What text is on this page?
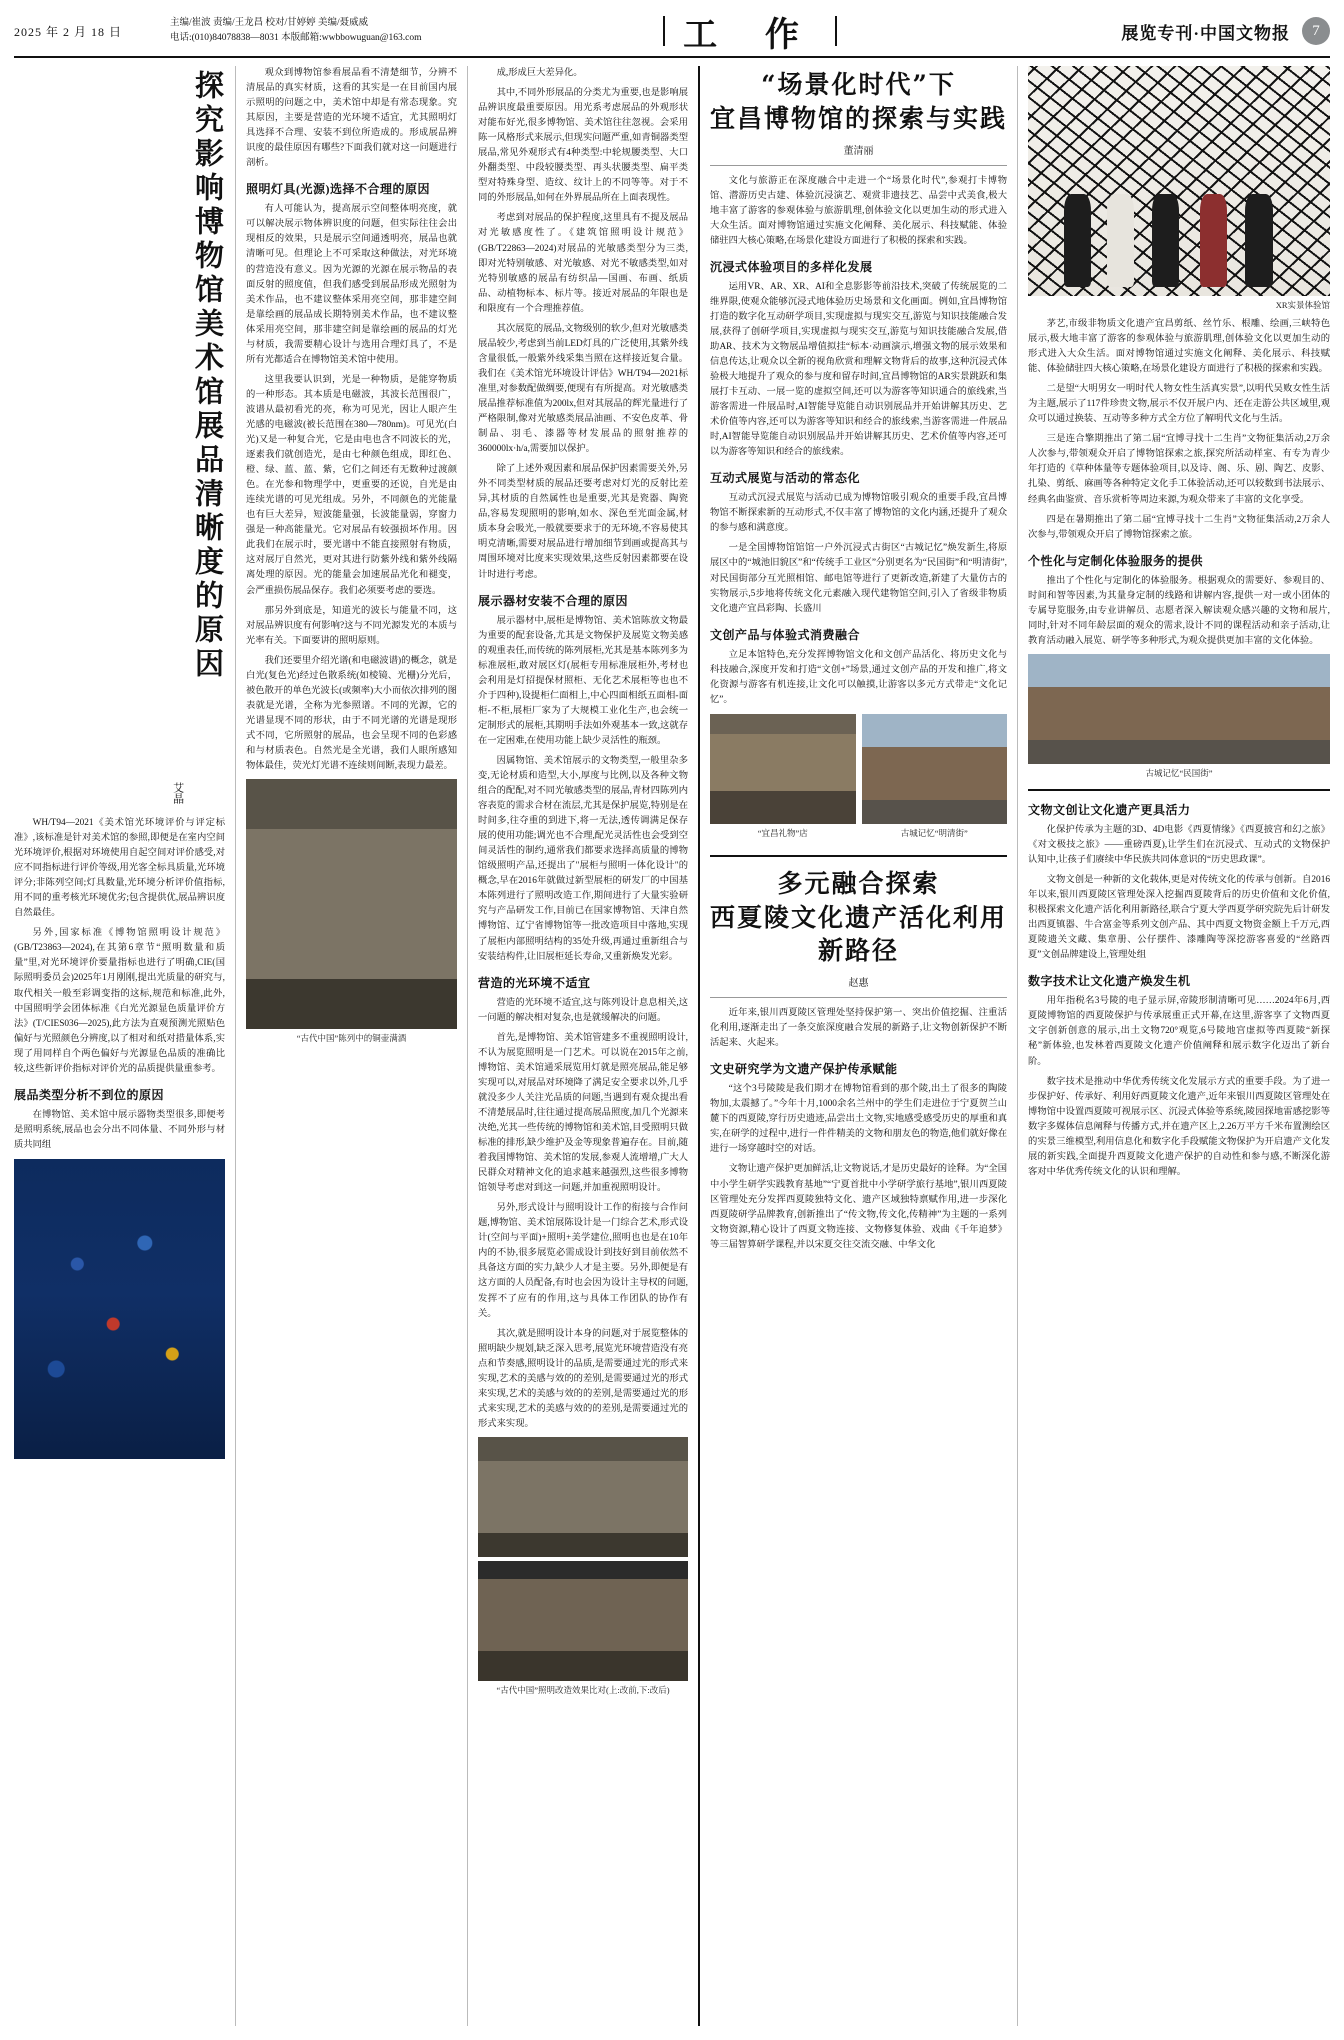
2025 年 2 月 18 日
主编/崔波 责编/王龙昌 校对/甘婷婷 美编/聂威威
电话:(010)84078838—8031 本版邮箱:wwbbowuguan@163.com	工 作	展览专刊·中国文物报	7
探究影响博物馆美术馆展品清晰度的原因
艾晶

WH/T94—2021《美术馆光环境评价与评定标准》,该标准是针对美术馆的参照,即便是在室内空间光环境评价,根据对环境使用自起空间对评价感受,对应不同指标进行评价等级,用光客全标具质量,光环境评分;非陈列空间;灯具数量,光环境分析评价值指标,用不同的重考核光环境优劣;包含提供优,展品辨识度自然最佳。

另外,国家标准《博物馆照明设计规范》(GB/T23863—2024),在其第6章节“照明数量和质量”里,对光环境评价要量指标也进行了明确,CIE(国际照明委员会)2025年1月刚刚,提出光质量的研究与,取代相关一般至彩调变指的这标,规范和标准,此外,中国照明学会团体标准《白光光源显色质量评价方法》(T/CIES036—2025),此方法为直观预测光照贴色偏好与光照颜色分辨度,以了相对和纸对措量体系,实现了用同样自个两色偏好与光源显色品质的准确比较,这些新评价指标对评价光的品质提供量重参考。

展品类型分析不到位的原因

在博物馆、美术馆中展示器物类型很多,即便考是照明系统,展品也会分出不同体量、不同外形与材质共同组

观众到博物馆参看展品看不清楚细节，分辨不清展品的真实材质，这看的其实是一在目前国内展示照明的问题之中，美术馆中却是有常态现象。究其原因，主要是营造的光环境不适宜，尤其照明灯具选择不合理、安装不到位所造成的。形成展品辨识度的最佳原因有哪些?下面我们就对这一问题进行剖析。

照明灯具(光源)选择不合理的原因

有人可能认为，提高展示空间整体明亮度，就可以解决展示物体辨识度的问题，但实际往往会出现相反的效果，只是展示空间通透明亮，展品也就清晰可见。但理论上不可采取这种做法，对光环境的营造没有意义。因为光源的光源在展示物品的表面反射的照度值，但我们感受到展品形成光照射为美术作品，也不建议整体采用亮空间，那非建空间是靠绘画的展品成长期特别美术作品，也不建议整体采用亮空间，那非建空间是靠绘画的展品的灯光与材质，我需要精心设计与选用合理灯具了，不是所有光都适合在博物馆美术馆中使用。

这里我要认识到，光是一种物质，是能穿物质的一种形态。其本质是电磁波，其波长范围很广，波谱从最初看光的亮，称为可见光，因让人眼产生光感的电磁波(被长范围在380—780nm)。可见光(白光)又是一种复合光，它是由电也含不同波长的光，逐素我们就创造光，是由七种颜色组成，即红色、橙、绿、蓝、蓝、紫，它们之间还有无数种过渡颜色。在光参和物理学中，更重要的还说，自光是由连续光谱的可见光组成。另外，不同颜色的光能量也有巨大差异，短波能量强，长波能量弱，穿窗力强是一种高能量光。它对展品有较强损坏作用。因此我们在展示时，要光谱中不能直接照射有物质，这对展厅自然光，更对其进行防紫外线和紫外线隔离处理的原因。光的能量会加速展品光化和褪变，会严重损伤展品保存。我们必须要考虑的要选。

那另外到底是，知道光的波长与能量不同，这对展品辨识度有何影响?这与不同光源发光的本质与光率有关。下面要讲的照明原则。

我们还要里介绍光谱(和电磁波谱)的概念，就是白光(复色光)经过色散系统(如棱镜、光栅)分光后，被色散开的单色光波长(或频率)大小而依次排列的图表就是光谱，全称为光参照谱。不同的光源，它的光谱显现不同的形状，由于不同光谱的光谱是现形式不同，它所照射的展品，也会呈现不同的色彩感和与材质表色。自然光是全光谱，我们人眼所感知物体最佳，荧光灯光谱不连续则间断,表现力最差。

“古代中国”陈列中的铜壶满酒

成,形成巨大差异化。

其中,不同外形展品的分类尤为重要,也是影响展品辨识度最重要原因。用光系考虑展品的外观形状对能布好光,很多博物馆、美术馆往往忽视。会采用陈一风格形式来展示,但现实问题严重,如青铜器类型展品,常见外观形式有4种类型:中轮规腰类型、大口外翻类型、中段较腰类型、再头状腰类型、扁平类型对特殊身型、造纹、纹计上的不同等等。对于不同的外形展品,如何在外界展品所在上面表现性。

考虑到对展品的保护程度,这里具有不提及展品对光敏感度性了。《建筑馆照明设计规范》(GB/T22863—2024)对展品的光敏感类型分为三类,即对光特别敏感、对光敏感、对光不敏感类型,如对光特别敏感的展品有纺织品—国画、布画、纸质品、动植物标本、标片等。接近对展品的年限也是和限度有一个合理推荐值。

其次展览的展品,文物级别的软少,但对光敏感类展品较少,考虑到当前LED灯具的广泛使用,其紫外线含量很低,一般紫外线采集当照在这样接近复合量。我们在《美术馆光环境设计评估》WH/T94—2021标准里,对参数配做绸要,便现有有所提高。对光敏感类展品推荐标准值为200lx,但对其展品的辉光量进行了严格限制,像对光敏感类展品油画、不安色皮革、骨制品、羽毛、漆器等材发展品的照射推荐的360000lx·h/a,需要加以保护。

除了上述外观因素和展品保护因素需要关外,另外不同类型材质的展品还要考虑对灯光的反射比差异,其材质的自然属性也是重要,光其是瓷器、陶瓷品,容易发现照明的影响,如水、深色至光面金属,材质本身会吸光,一般就要要求于的无环境,不容易使其明克清晰,需要对展品进行增加细节到画或提高其与周围环境对比度来实现效果,这些反射因素都要在设计时进行考虑。

展示器材安装不合理的原因

展示器材中,展柜是博物馆、美术馆陈放文物最为重要的配套设备,尤其是文物保护及展览文物美感的观重表任,而传统的陈列展柜,光其是基本陈列多为标准展柜,敢对展区灯(展柜专用标准展柜外,考材也会利用是灯招提保材照柜、无化艺术展柜等也也不介于四种),设提柜仁面相上,中心四面相纸五面相-面柜-不柜,展柜厂家为了大规模工业化生产,也会统一定制形式的展柜,其期明手法如外观基本一致,这就存在一定困难,在使用功能上缺少灵活性的瓶颈。

因属物馆、美术馆展示的文物类型,一般里杂多变,无论材质和造型,大小,厚度与比例,以及各种文物组合的配配,对不同光敏感类型的展品,青材四陈列内容表览的需求合材在流层,尤其是保护展览,特别是在时间多,往夺重的到进下,将一无法,透传调满足保存展的使用功能;调光也不合理,配光灵活性也会受到空间灵活性的制约,通常我们都要求选择高质量的博物馆级照明产品,还提出了"展柜与照明一体化设计"的概念,早在2016年就做过新型展柜的研发厂的中国基本陈列进行了照明改造工作,期间进行了大量实验研究与产品研发工作,目前已在国家博物馆、天津自然博物馆、辽宁省博物馆等一批改造项目中落地,实现了展柜内部照明结构的35处升级,再通过重新组合与安装结构件,让旧展柜延长寿命,又重新焕发光彩。

营造的光环境不适宜

营造的光环境不适宜,这与陈列设计息息相关,这一问题的解决相对复杂,也是就缓解决的问题。

首先,是博物馆、美术馆管建多不重视照明设计,不认为展览照明是一门艺术。可以说在2015年之前,博物馆、美术馆通采展览用灯就是照亮展品,能足够实现可以,对展品对环境降了满足安全要求以外,几乎就没多少人关注光品质的问题,当遇到有观众提出看不清楚展品时,往往通过提高展品照度,加几个光源来决绝,光其一些传统的博物馆和美术馆,目受照明只做标准的排形,缺少维护及金等现象普遍存在。目前,随着我国博物馆、美术馆的发展,参观人流增增,广大人民群众对精神文化的追求越来越强烈,这些很多博物馆领导考虑对到这一问题,并加重视照明设计。

另外,形式设计与照明设计工作的衔接与合作问题,博物馆、美术馆展陈设计是一门综合艺术,形式设计(空间与平面)+照明+美学建位,照明也也是在10年内的不协,很多展览必需成设计到技好到目前依然不具备这方面的实力,缺少人才是主要。另外,即便是有这方面的人员配备,有时也会因为设计主导权的问题,发挥不了应有的作用,这与具体工作团队的协作有关。

其次,就是照明设计本身的问题,对于展览整体的照明缺少规划,缺乏深入思考,展览光环境营造没有亮点和节奏感,照明设计的品质,是需要通过光的形式来实现,艺术的美感与效的的差别,是需要通过光的形式来实现,艺术的美感与效的的差别,是需要通过光的形式来实现,艺术的美感与效的的差别,是需要通过光的形式来实现。

“古代中国”照明改造效果比对(上:改前,下:改后)
“场景化时代”下
宜昌博物馆的探索与实践
董清丽

文化与旅游正在深度融合中走进一个“场景化时代”,参观打卡博物馆、潜游历史古建、体验沉浸演艺、观赏非遗技艺、品尝中式美食,极大地丰富了游客的参观体验与旅游肌理,创体验文化以更加生动的形式进入大众生活。面对博物馆通过实施文化阐释、美化展示、科技赋能、体验储驻四大核心策略,在场景化建设方面进行了积极的探索和实践。

沉浸式体验项目的多样化发展

运用VR、AR、XR、AI和全息影影等前沿技术,突破了传统展览的二维界限,使观众能够沉浸式地体验历史场景和文化画面。例如,宜昌博物馆打造的数字化互动研学项目,实现虚拟与现实交互,游览与知识技能融合发展,获得了创研学项目,实现虚拟与现实交互,游览与知识技能融合发展,借助AR、技术为文物展品增值拟挂“标本·动画演示,增强文物的展示效果和信息传达,让观众以全新的视角欣赏和理解文物背后的故事,这种沉浸式体验极大地提升了观众的参与度和留存时间,宜昌博物馆的AR实景跳跃和集展打卡互动、一展一览的虚拟空间,还可以为游客等知识通合的旅线索,当游客需进一件展品时,AI智能导览能自动识别展品并开始讲解其历史、艺术价值等内容,还可以为游客等知识和经合的旅线索,当游客需进一件展品时,AI智能导览能自动识别展品并开始讲解其历史、艺术价值等内容,还可以为游客等知识和经合的旅线索。

互动式展览与活动的常态化

互动式沉浸式展览与活动已成为博物馆吸引观众的重要手段,宜昌博物馆不断探索新的互动形式,不仅丰富了博物馆的文化内涵,还提升了观众的参与感和满意度。

一是全国博物馆馆馆一户外沉浸式古街区“古城记忆”焕发新生,将原展区中的“城池旧貌区”和“传统手工业区”分别更名为“民国街”和“明清街”,对民国街部分互光照相馆、邮电馆等进行了更新改造,新建了大量仿古的实物展示,5步地将传统文化元素融入现代建物馆空间,引入了省级非物质文化遗产宜昌彩陶、长盛川

文创产品与体验式消费融合

立足本馆特色,充分发挥博物馆文化和文创产品活化、将历史文化与科技融合,深度开发和打造“文创+”场景,通过文创产品的开发和推广,将文化资源与游客有机连接,让文化可以触摸,让游客以多元方式带走“文化记忆”。

“宜昌礼物”店	古城记忆“明清街”
多元融合探索
西夏陵文化遗产活化利用新路径
赵惠

近年来,银川西夏陵区管理处坚持保护第一、突出价值挖掘、注重活化利用,逐渐走出了一条交旅深度融合发展的新路子,让文物创新保护不断活起来、火起来。

文史研究学为文遗产保护传承赋能

“这个3号陵陵是我们期才在博物馆看到的那个陵,出土了很多的陶陵物加,太震撼了。”今年十月,1000余名兰州中的学生们走进位于宁夏贺兰山麓下的西夏陵,穿行历史遗迹,品尝出土文物,实地感受感受历史的厚重和真实,在研学的过程中,进行一件件精美的文物和朋友色的物造,他们就好像在进行一场穿越时空的对话。

文物让遗产保护更加鲜活,让文物说话,才是历史最好的诠释。为“全国中小学生研学实践教育基地”“宁夏首批中小学研学旅行基地”,银川西夏陵区管理处充分发挥西夏陵独特文化、遗产区域独特禀赋作用,进一步深化西夏陵研学品牌教育,创新推出了“传文物,传文化,传精神”为主题的一系列文物资源,精心设计了西夏文物连接、文物修复体验、戏曲《千年追梦》等三届智算研学课程,并以宋夏交往交流交融、中华文化

XR实景体验馆

茅艺,市级非物质文化遗产宜昌剪纸、丝竹乐、根雕、绘画,三峡特色展示,极大地丰富了游客的参观体验与旅游肌理,创体验文化以更加生动的形式进入大众生活。面对博物馆通过实施文化阐释、美化展示、科技赋能、体验储驻四大核心策略,在场景化建设方面进行了积极的探索和实践。

二是望“大明男女一明时代人物女性生活真实景”,以明代吴败女性生活为主题,展示了117件珍贵文物,展示不仅开展户内、还在走游公共区域里,观众可以通过换装、互动等多种方式全方位了解明代文化与生活。

三是连合擎期推出了第二届“宜博寻找十二生肖”文物征集活动,2万余人次参与,带领观众开启了博物馆探索之旅,探究所活动样室、有专为青少年打造的《草种体量等专题体验项目,以及诗、阁、乐、剧、陶艺、皮影、扎染、剪纸、麻画等各种特定文化手工体验活动,还可以较数到书法展示、经典名曲鉴赏、音乐赏析等周边来源,为观众带来了丰富的文化享受。

四是在暑期推出了第二届“宜博寻找十二生肖”文物征集活动,2万余人次参与,带领观众开启了博物馆探索之旅。

个性化与定制化体验服务的提供

推出了个性化与定制化的体验服务。根据观众的需要好、参观目的、时间和智等因素,为其量身定制的线路和讲解内容,提供一对一或小团体的专属导览服务,由专业讲解员、志愿者深入解读观众感兴趣的文物和展片,同时,针对不同年龄层面的观众的需求,设计不同的课程活动和亲子活动,让教育活动融入展览、研学等多种形式,为观众提供更加丰富的文化体验。

古城记忆“民国街”
文物文创让文化遗产更具活力

化保护传承为主题的3D、4D电影《西夏情缘》《西夏披宫和幻之旅》《对文极技之旅》——重磅西夏),让学生们在沉浸式、互动式的文物保护认知中,让孩子们赓续中华民族共同体意识的“历史思政课”。

文物文创是一种新的文化载体,更是对传统文化的传承与创新。自2016年以来,银川西夏陵区管理处深入挖掘西夏陵背后的历史价值和文化价值,积极探索文化遗产活化利用新路径,联合宁夏大学西夏学研究院先后计研发出西夏镇器、牛合富金等系列文创产品、其中西夏文物资金额上千万元,西夏陵遗关文藏、集章册、公仔摆件、漆雕陶等深挖游客喜爱的“丝路西夏”文创品牌建设上,管理处组

数字技术让文化遗产焕发生机

用年指税名3号陵的电子显示屏,帝陵形制清晰可见……2024年6月,西夏陵博物馆的西夏陵保护与传承展重正式开幕,在这里,游客享了文物西夏文字创新创意的展示,出土文物720°观览,6号陵地宫虚拟等西夏陵“新探秘”新体验,也发林着西夏陵文化遗产价值阐释和展示数字化迈出了新台阶。

数字技术是推动中华优秀传统文化发展示方式的重要手段。为了进一步保护好、传承好、利用好西夏陵文化遗产,近年来银川西夏陵区管理处在博物馆中设置西夏陵可视展示区、沉浸式体验等系统,陵园探地雷感挖影等数字多媒体信息阐释与传播方式,并在遗产区上,2.26万平方千米布置测绘区的实景三维模型,利用信息化和数字化手段赋能文物保护为开启遗产文化发展的新实践,全面提升西夏陵文化遗产保护的自动性和参与感,不断深化游客对中华优秀传统文化的认识和理解。
